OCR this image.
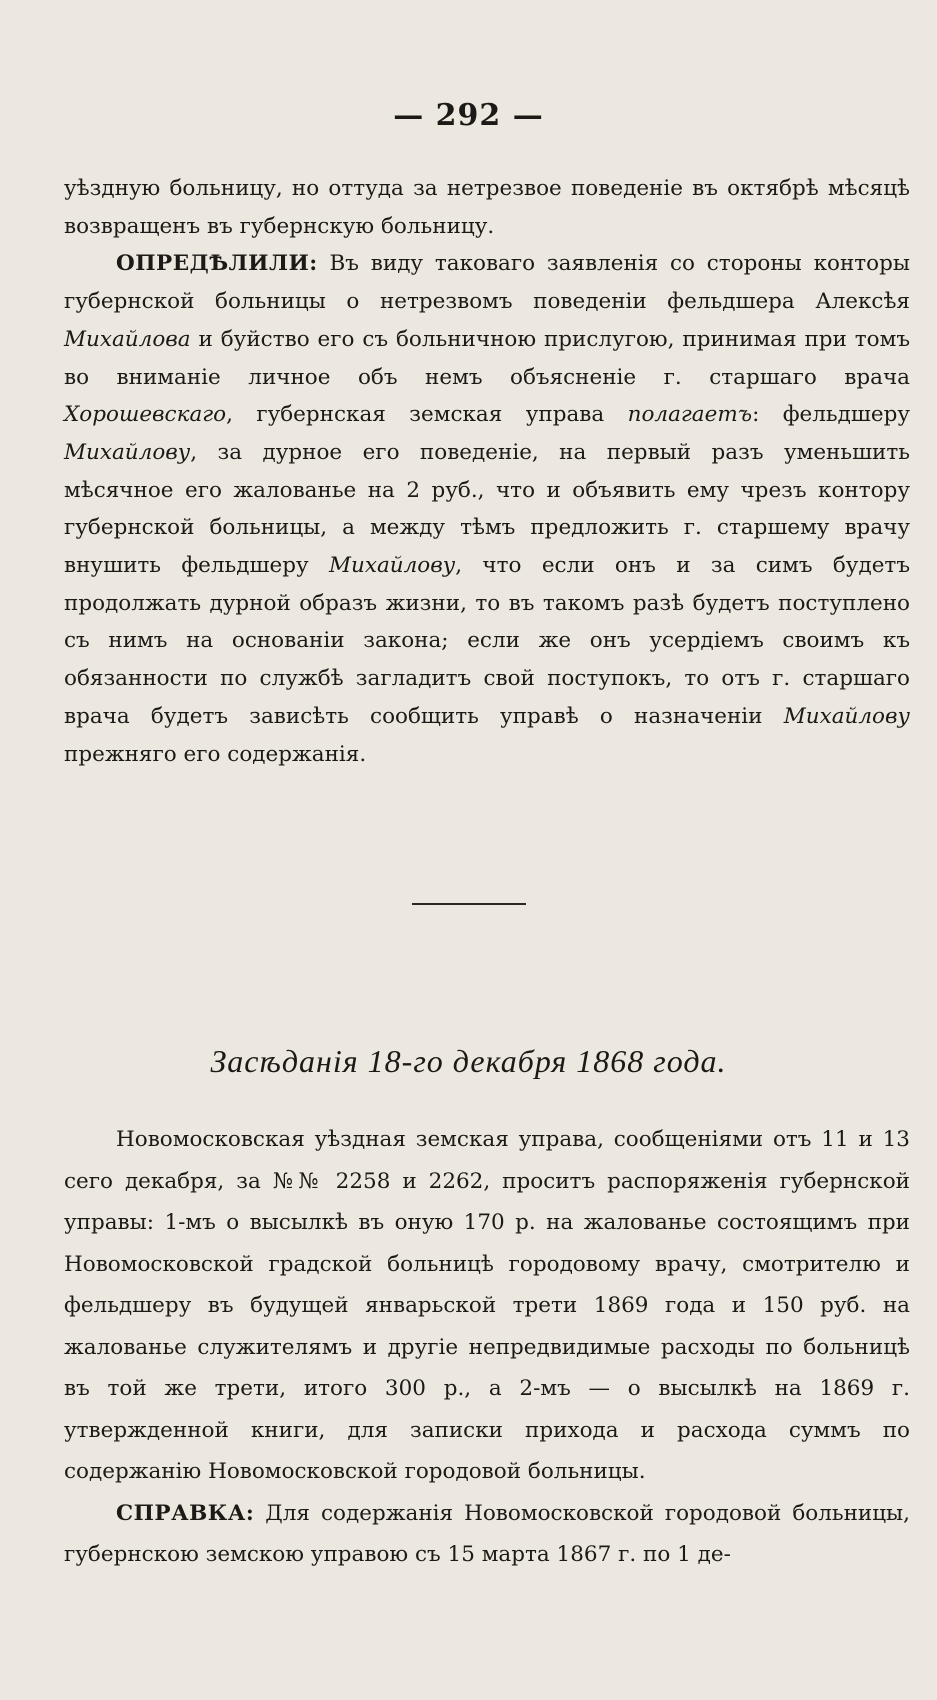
— 292 —

уѣздную больницу, но оттуда за нетрезвое поведеніе въ октябрѣ мѣсяцѣ возвращенъ въ губернскую больницу.

ОПРЕДѢЛИЛИ: Въ виду таковаго заявленія со стороны конторы губернской больницы о нетрезвомъ поведеніи фельдшера Алексѣя Михайлова и буйство его съ больничною прислугою, принимая при томъ во вниманіе личное объ немъ объясненіе г. старшаго врача Хорошевскаго, губернская земская управа полагаетъ: фельдшеру Михайлову, за дурное его поведеніе, на первый разъ уменьшить мѣсячное его жалованье на 2 руб., что и объявить ему чрезъ контору губернской больницы, а между тѣмъ предложить г. старшему врачу внушить фельдшеру Михайлову, что если онъ и за симъ будетъ продолжать дурной образъ жизни, то въ такомъ разѣ будетъ поступлено съ нимъ на основаніи закона; если же онъ усердіемъ своимъ къ обязанности по службѣ загладитъ свой поступокъ, то отъ г. старшаго врача будетъ зависѣть сообщить управѣ о назначеніи Михайлову прежняго его содержанія.

Засѣданія 18-го декабря 1868 года.

Новомосковская уѣздная земская управа, сообщеніями отъ 11 и 13 сего декабря, за №№ 2258 и 2262, проситъ распоряженія губернской управы: 1-мъ о высылкѣ въ оную 170 р. на жалованье состоящимъ при Новомосковской градской больницѣ городовому врачу, смотрителю и фельдшеру въ будущей январьской трети 1869 года и 150 руб. на жалованье служителямъ и другіе непредвидимые расходы по больницѣ въ той же трети, итого 300 р., а 2-мъ — о высылкѣ на 1869 г. утвержденной книги, для записки прихода и расхода суммъ по содержанію Новомосковской городовой больницы.

СПРАВКА: Для содержанія Новомосковской городовой больницы, губернскою земскою управою съ 15 марта 1867 г. по 1 де-
